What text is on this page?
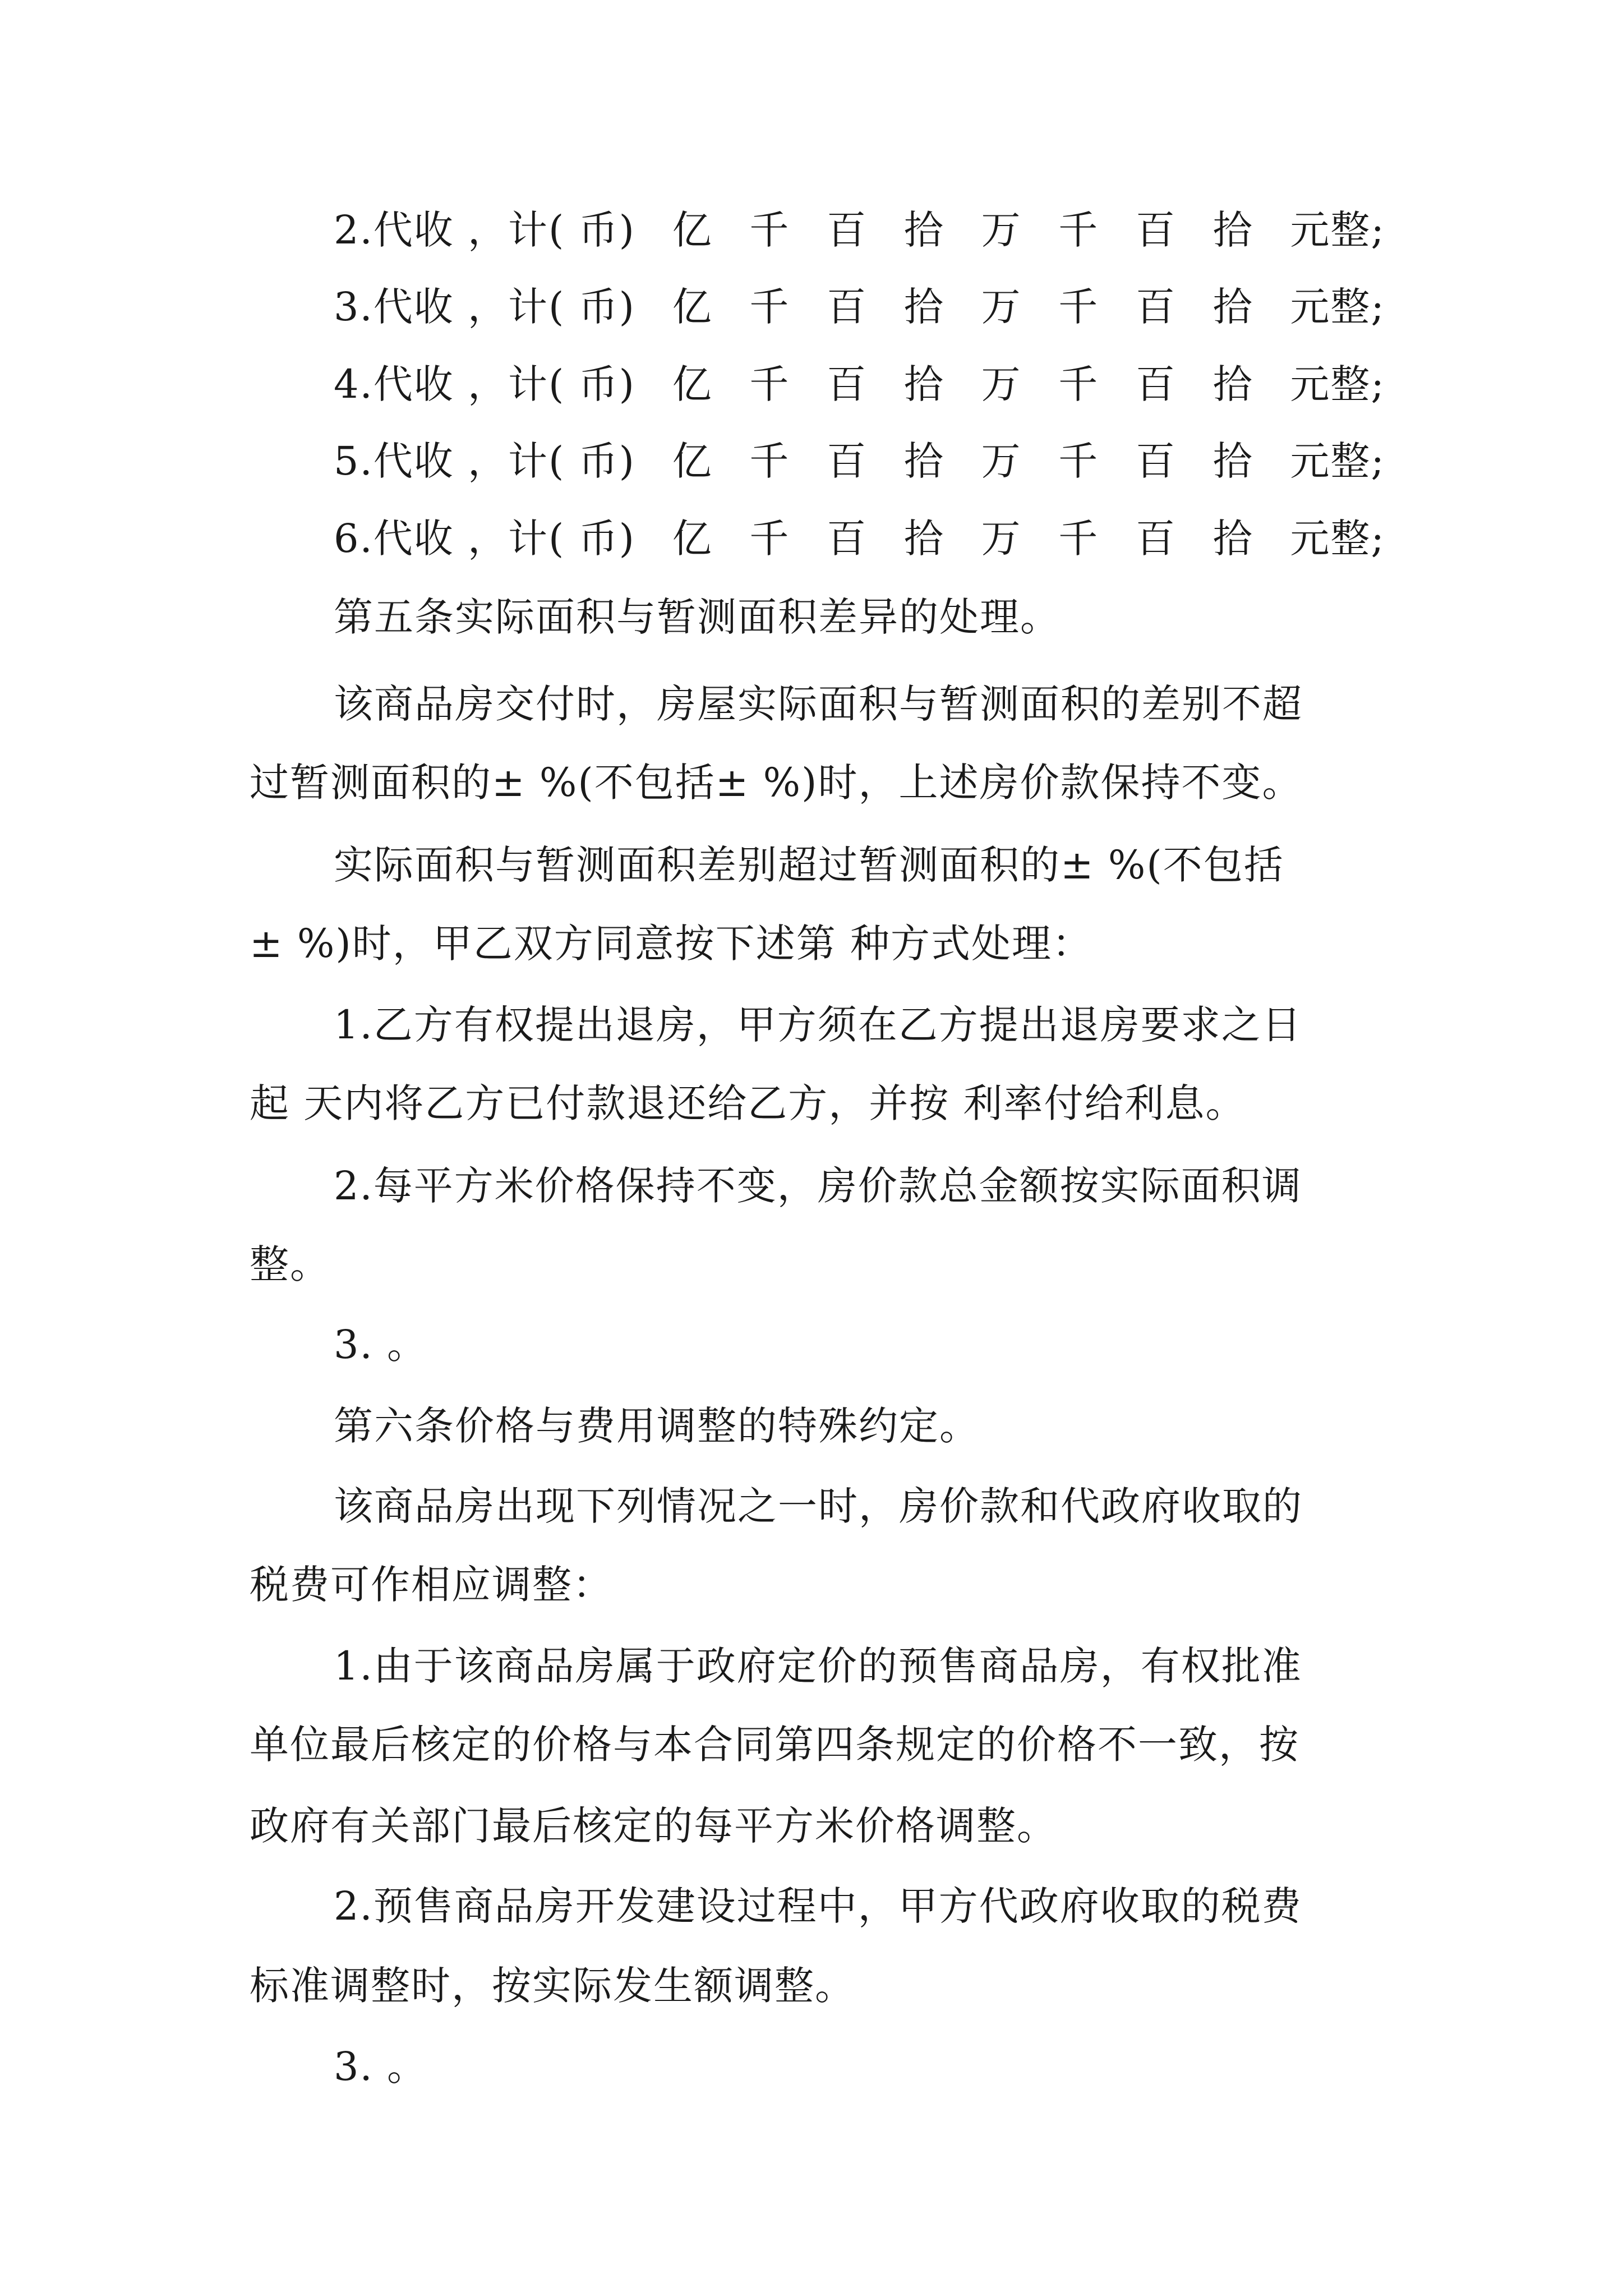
2.代收 ，计( 币) 亿 千 百 拾 万 千 百 拾 元整;
3.代收 ，计( 币) 亿 千 百 拾 万 千 百 拾 元整;
4.代收 ，计( 币) 亿 千 百 拾 万 千 百 拾 元整;
5.代收 ，计( 币) 亿 千 百 拾 万 千 百 拾 元整;
6.代收 ，计( 币) 亿 千 百 拾 万 千 百 拾 元整;
第五条实际面积与暂测面积差异的处理。
该商品房交付时，房屋实际面积与暂测面积的差别不超
过暂测面积的± %(不包括± %)时，上述房价款保持不变。
实际面积与暂测面积差别超过暂测面积的± %(不包括
± %)时，甲乙双方同意按下述第 种方式处理：
1.乙方有权提出退房，甲方须在乙方提出退房要求之日
起 天内将乙方已付款退还给乙方，并按 利率付给利息。
2.每平方米价格保持不变，房价款总金额按实际面积调
整。
3. 。
第六条价格与费用调整的特殊约定。
该商品房出现下列情况之一时，房价款和代政府收取的
税费可作相应调整：
1.由于该商品房属于政府定价的预售商品房，有权批准
单位最后核定的价格与本合同第四条规定的价格不一致，按
政府有关部门最后核定的每平方米价格调整。
2.预售商品房开发建设过程中，甲方代政府收取的税费
标准调整时，按实际发生额调整。
3. 。
